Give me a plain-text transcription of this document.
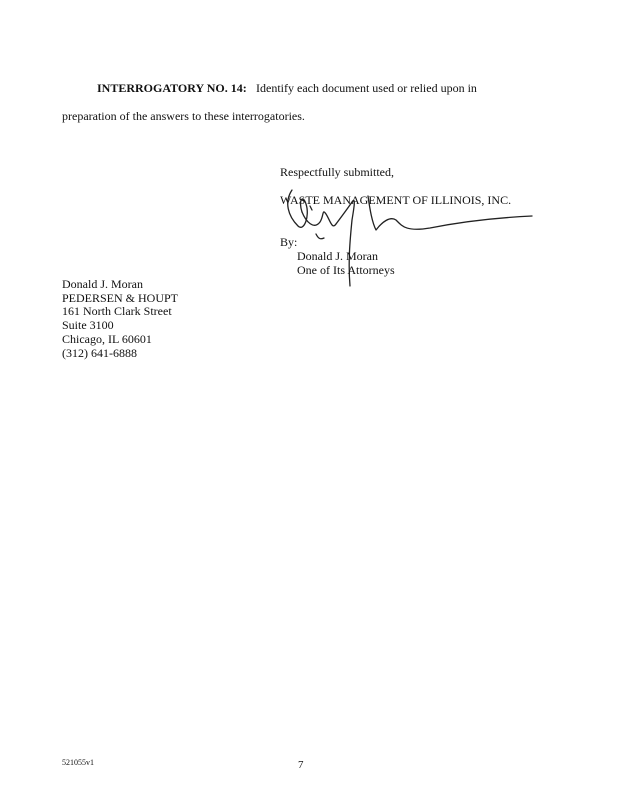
INTERROGATORY NO. 14: Identify each document used or relied upon in
preparation of the answers to these interrogatories.
Respectfully submitted,
WASTE MANAGEMENT OF ILLINOIS, INC.
By:
Donald J. Moran
One of Its Attorneys
Donald J. Moran
PEDERSEN & HOUPT
161 North Clark Street
Suite 3100
Chicago, IL 60601
(312) 641-6888
521055v1	7
